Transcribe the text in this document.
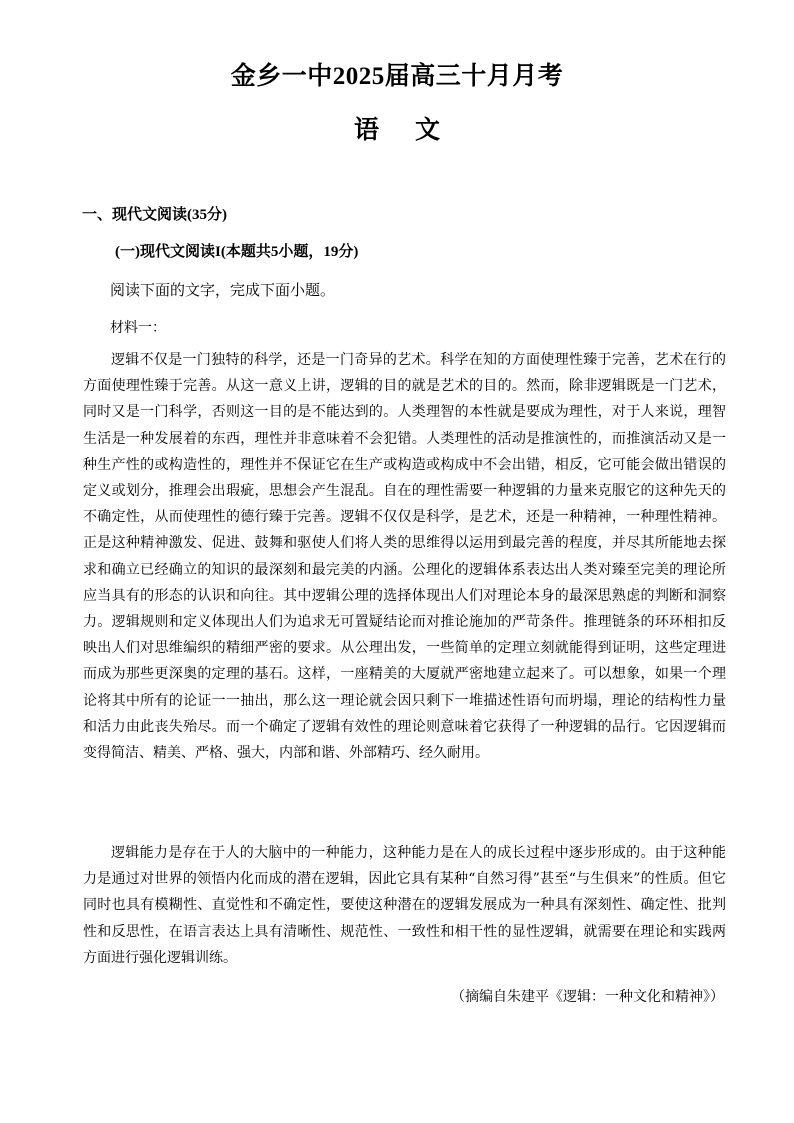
金乡一中2025届高三十月月考
语文
一、现代文阅读(35分)
(一)现代文阅读I(本题共5小题，19分)
阅读下面的文字，完成下面小题。
材料一：

逻辑不仅是一门独特的科学，还是一门奇异的艺术。科学在知的方面使理性臻于完善，艺术在行的方面使理性臻于完善。从这一意义上讲，逻辑的目的就是艺术的目的。然而，除非逻辑既是一门艺术，同时又是一门科学，否则这一目的是不能达到的。人类理智的本性就是要成为理性，对于人来说，理智生活是一种发展着的东西，理性并非意味着不会犯错。人类理性的活动是推演性的，而推演活动又是一种生产性的或构造性的，理性并不保证它在生产或构造或构成中不会出错，相反，它可能会做出错误的定义或划分，推理会出瑕疵，思想会产生混乱。自在的理性需要一种逻辑的力量来克服它的这种先天的不确定性，从而使理性的德行臻于完善。逻辑不仅仅是科学，是艺术，还是一种精神，一种理性精神。正是这种精神激发、促进、鼓舞和驱使人们将人类的思维得以运用到最完善的程度，并尽其所能地去探求和确立已经确立的知识的最深刻和最完美的内涵。公理化的逻辑体系表达出人类对臻至完美的理论所应当具有的形态的认识和向往。其中逻辑公理的选择体现出人们对理论本身的最深思熟虑的判断和洞察力。逻辑规则和定义体现出人们为追求无可置疑结论而对推论施加的严苛条件。推理链条的环环相扣反映出人们对思维编织的精细严密的要求。从公理出发，一些简单的定理立刻就能得到证明，这些定理进而成为那些更深奥的定理的基石。这样，一座精美的大厦就严密地建立起来了。可以想象，如果一个理论将其中所有的论证一一抽出，那么这一理论就会因只剩下一堆描述性语句而坍塌，理论的结构性力量和活力由此丧失殆尽。而一个确定了逻辑有效性的理论则意味着它获得了一种逻辑的品行。它因逻辑而变得简洁、精美、严格、强大，内部和谐、外部精巧、经久耐用。

逻辑能力是存在于人的大脑中的一种能力，这种能力是在人的成长过程中逐步形成的。由于这种能力是通过对世界的领悟内化而成的潜在逻辑，因此它具有某种“自然习得”甚至“与生俱来”的性质。但它同时也具有模糊性、直觉性和不确定性，要使这种潜在的逻辑发展成为一种具有深刻性、确定性、批判性和反思性，在语言表达上具有清晰性、规范性、一致性和相干性的显性逻辑，就需要在理论和实践两方面进行强化逻辑训练。

（摘编自朱建平《逻辑：一种文化和精神》）
